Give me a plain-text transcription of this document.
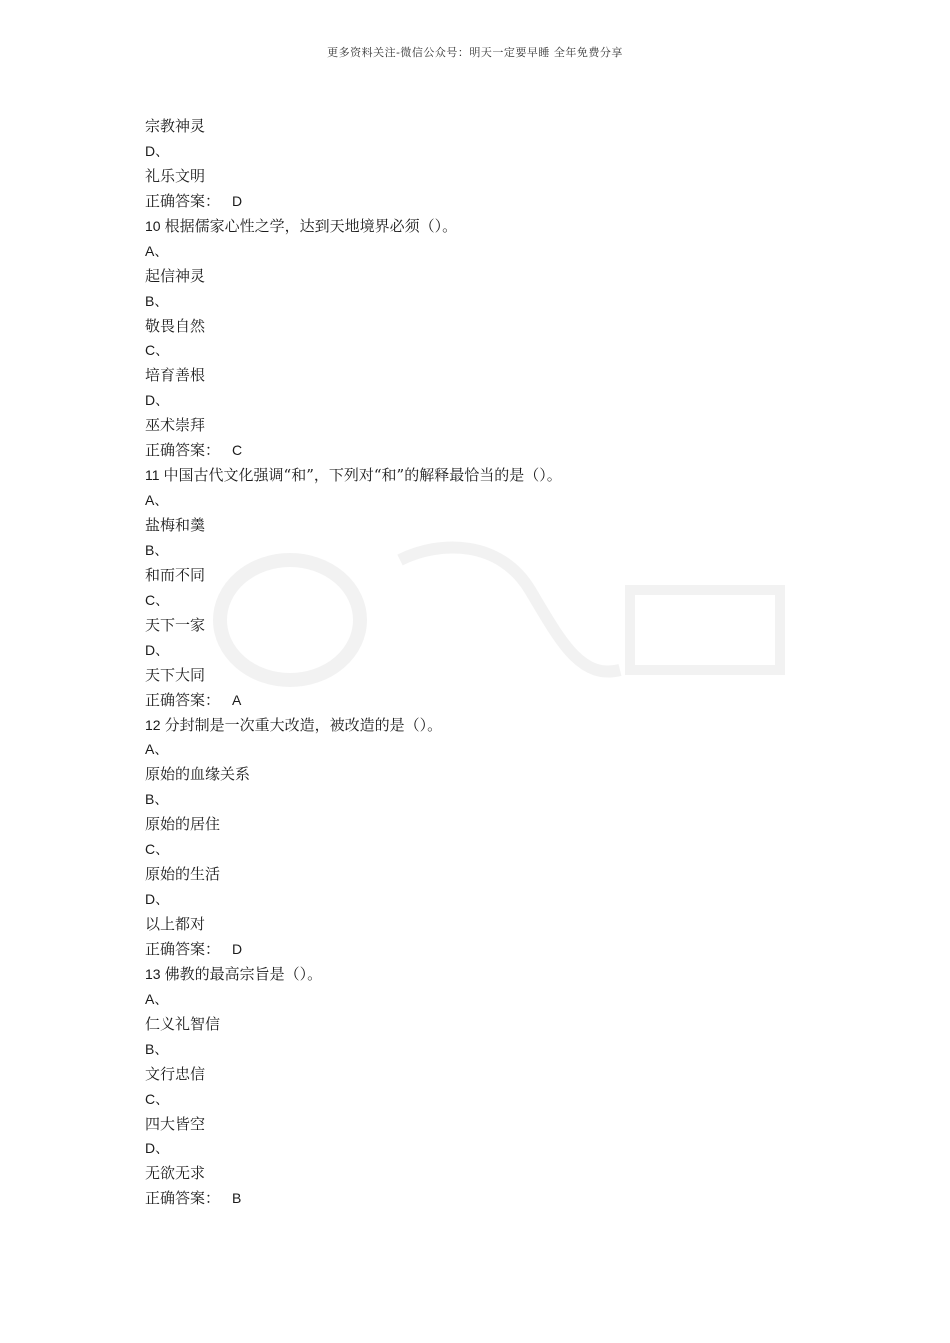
更多资料关注-微信公众号：明天一定要早睡 全年免费分享
宗教神灵
D、
礼乐文明
正确答案： D
10 根据儒家心性之学，达到天地境界必须（）。
A、
起信神灵
B、
敬畏自然
C、
培育善根
D、
巫术崇拜
正确答案： C
11 中国古代文化强调“和”，下列对“和”的解释最恰当的是（）。
A、
盐梅和羹
B、
和而不同
C、
天下一家
D、
天下大同
正确答案： A
12 分封制是一次重大改造，被改造的是（）。
A、
原始的血缘关系
B、
原始的居住
C、
原始的生活
D、
以上都对
正确答案： D
13 佛教的最高宗旨是（）。
A、
仁义礼智信
B、
文行忠信
C、
四大皆空
D、
无欲无求
正确答案： B
